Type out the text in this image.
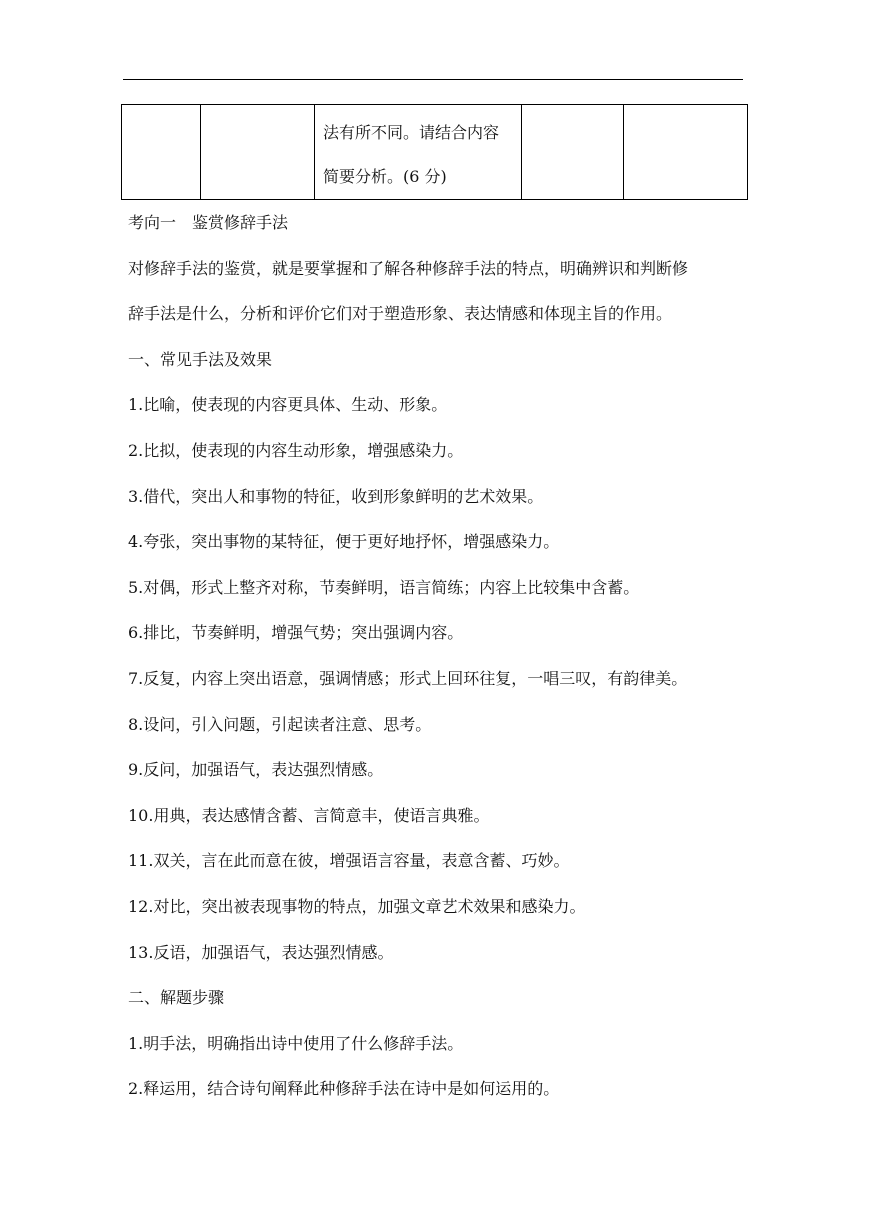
法有所不同。请结合内容
简要分析。(6 分)

考向一　鉴赏修辞手法
对修辞手法的鉴赏，就是要掌握和了解各种修辞手法的特点，明确辨识和判断修
辞手法是什么，分析和评价它们对于塑造形象、表达情感和体现主旨的作用。
一、常见手法及效果
1.比喻，使表现的内容更具体、生动、形象。
2.比拟，使表现的内容生动形象，增强感染力。
3.借代，突出人和事物的特征，收到形象鲜明的艺术效果。
4.夸张，突出事物的某特征，便于更好地抒怀，增强感染力。
5.对偶，形式上整齐对称，节奏鲜明，语言简练；内容上比较集中含蓄。
6.排比，节奏鲜明，增强气势；突出强调内容。
7.反复，内容上突出语意，强调情感；形式上回环往复，一唱三叹，有韵律美。
8.设问，引入问题，引起读者注意、思考。
9.反问，加强语气，表达强烈情感。
10.用典，表达感情含蓄、言简意丰，使语言典雅。
11.双关，言在此而意在彼，增强语言容量，表意含蓄、巧妙。
12.对比，突出被表现事物的特点，加强文章艺术效果和感染力。
13.反语，加强语气，表达强烈情感。
二、解题步骤
1.明手法，明确指出诗中使用了什么修辞手法。
2.释运用，结合诗句阐释此种修辞手法在诗中是如何运用的。
